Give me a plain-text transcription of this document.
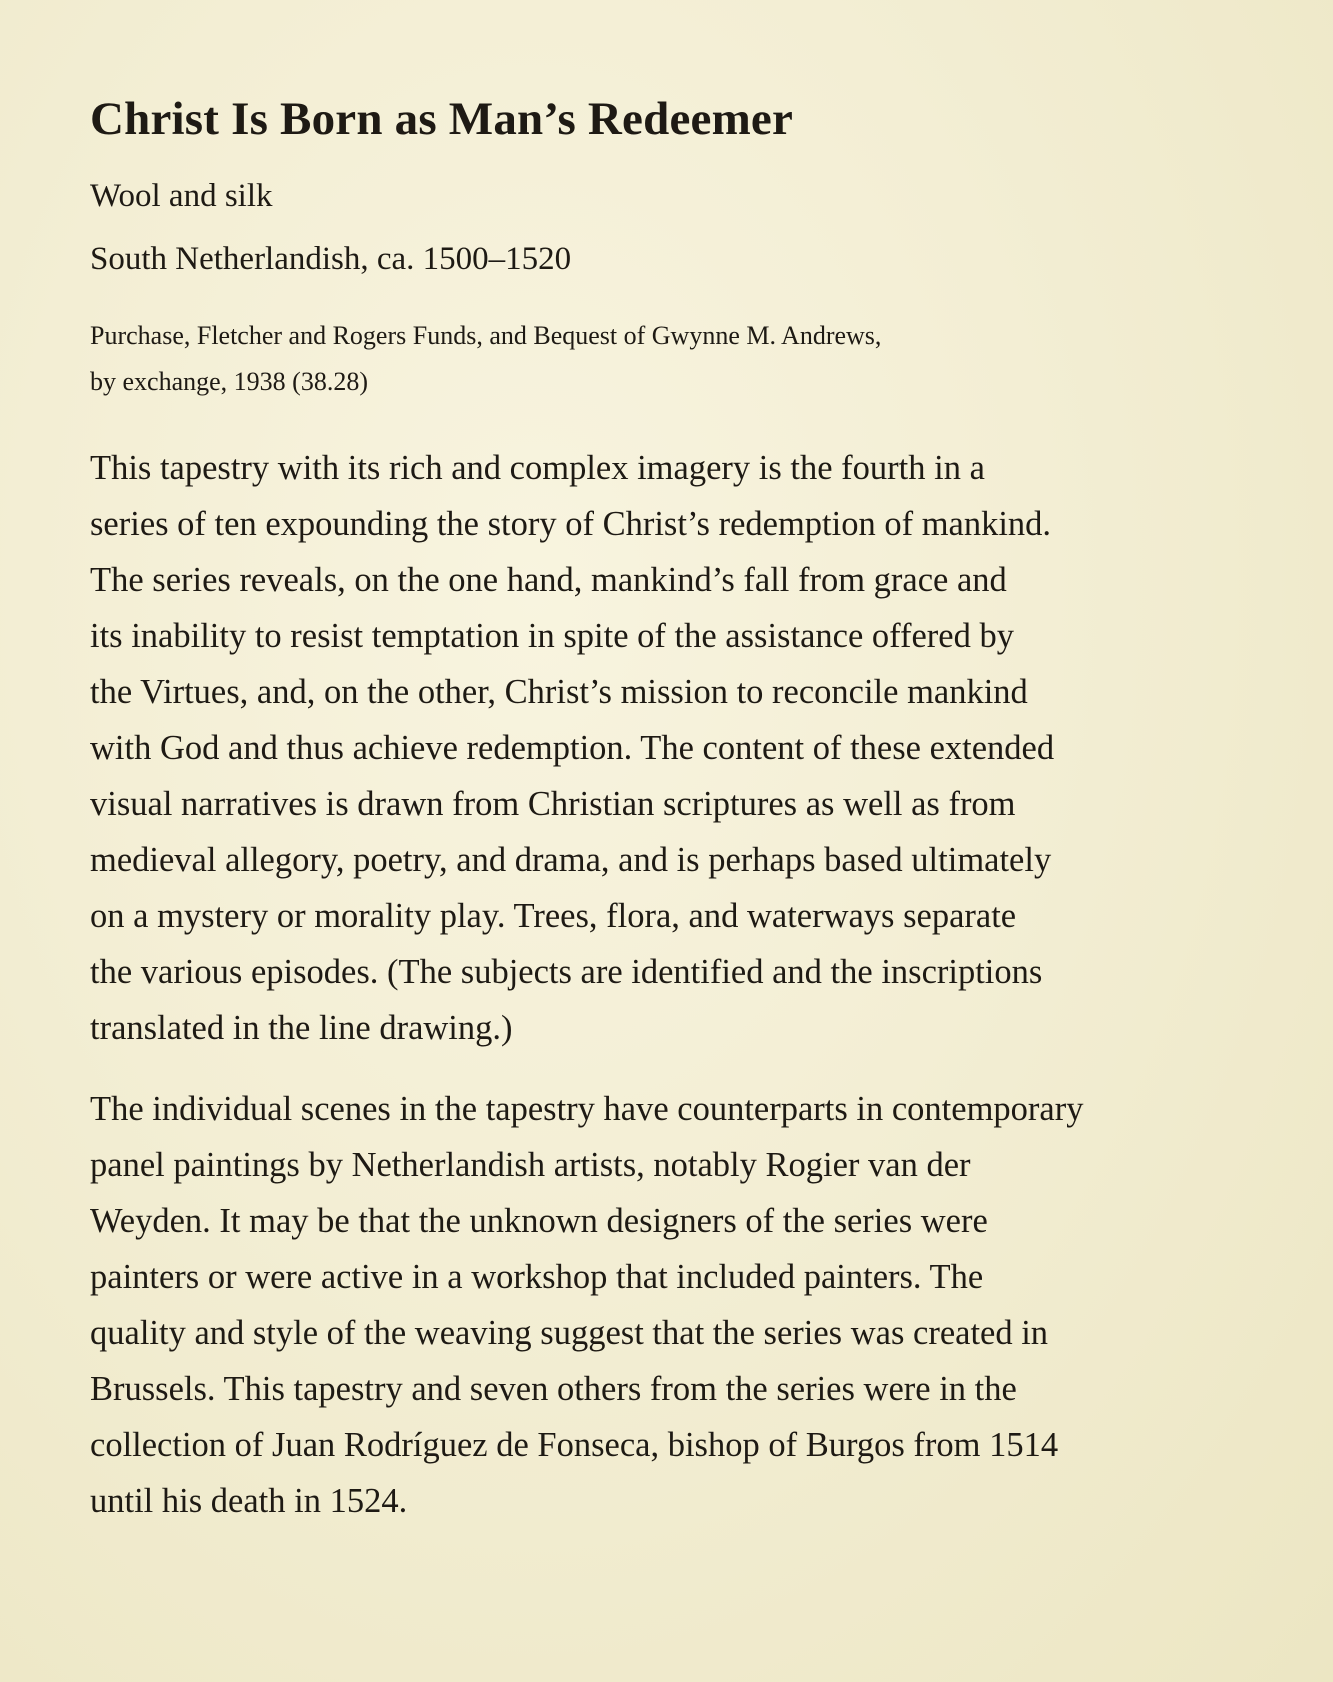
Christ Is Born as Man’s Redeemer

Wool and silk

South Netherlandish, ca. 1500–1520

Purchase, Fletcher and Rogers Funds, and Bequest of Gwynne M. Andrews,
by exchange, 1938 (38.28)

This tapestry with its rich and complex imagery is the fourth in a
series of ten expounding the story of Christ’s redemption of mankind.
The series reveals, on the one hand, mankind’s fall from grace and
its inability to resist temptation in spite of the assistance offered by
the Virtues, and, on the other, Christ’s mission to reconcile mankind
with God and thus achieve redemption. The content of these extended
visual narratives is drawn from Christian scriptures as well as from
medieval allegory, poetry, and drama, and is perhaps based ultimately
on a mystery or morality play. Trees, flora, and waterways separate
the various episodes. (The subjects are identified and the inscriptions
translated in the line drawing.)

The individual scenes in the tapestry have counterparts in contemporary
panel paintings by Netherlandish artists, notably Rogier van der
Weyden. It may be that the unknown designers of the series were
painters or were active in a workshop that included painters. The
quality and style of the weaving suggest that the series was created in
Brussels. This tapestry and seven others from the series were in the
collection of Juan Rodríguez de Fonseca, bishop of Burgos from 1514
until his death in 1524.
